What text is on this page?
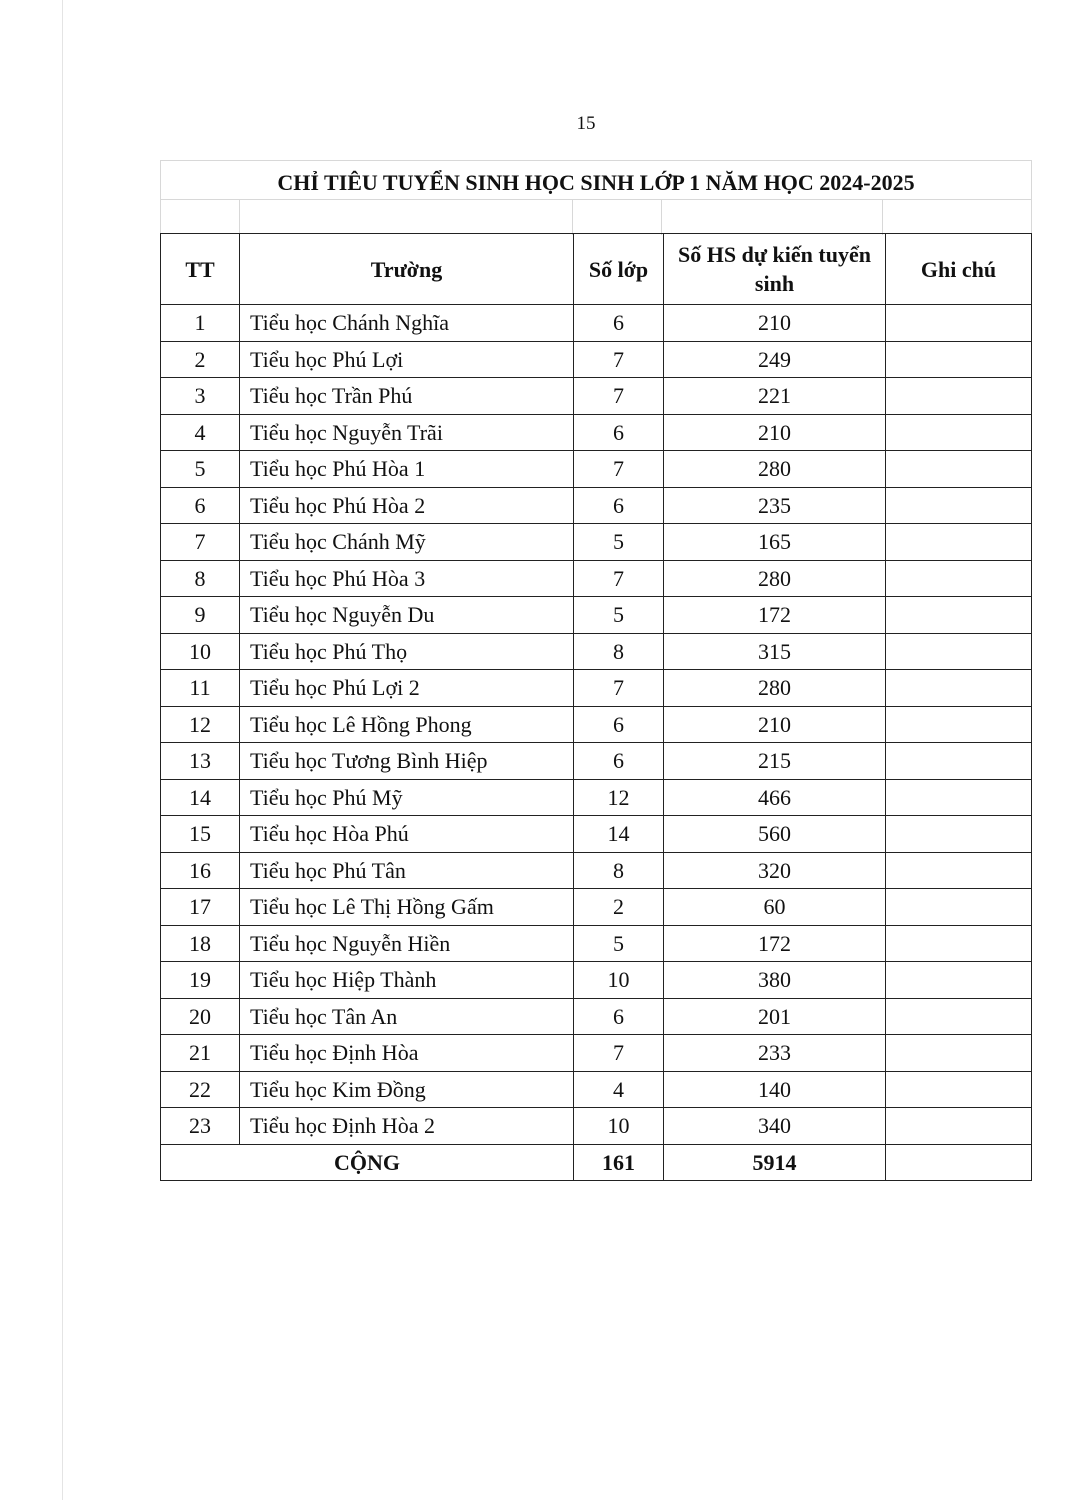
15
CHỈ TIÊU TUYỂN SINH HỌC SINH LỚP 1 NĂM HỌC 2024-2025
TT	Trường	Số lớp	Số HS dự kiến tuyển sinh	Ghi chú
1	Tiểu học Chánh Nghĩa	6	210	
2	Tiểu học Phú Lợi	7	249	
3	Tiểu học Trần Phú	7	221	
4	Tiểu học Nguyễn Trãi	6	210	
5	Tiểu học Phú Hòa 1	7	280	
6	Tiểu học Phú Hòa 2	6	235	
7	Tiểu học Chánh Mỹ	5	165	
8	Tiểu học Phú Hòa 3	7	280	
9	Tiểu học Nguyễn Du	5	172	
10	Tiểu học Phú Thọ	8	315	
11	Tiểu học Phú Lợi 2	7	280	
12	Tiểu học Lê Hồng Phong	6	210	
13	Tiểu học Tương Bình Hiệp	6	215	
14	Tiểu học Phú Mỹ	12	466	
15	Tiểu học Hòa Phú	14	560	
16	Tiểu học Phú Tân	8	320	
17	Tiểu học Lê Thị Hồng Gấm	2	60	
18	Tiểu học Nguyễn Hiền	5	172	
19	Tiểu học Hiệp Thành	10	380	
20	Tiểu học Tân An	6	201	
21	Tiểu học Định Hòa	7	233	
22	Tiểu học Kim Đồng	4	140	
23	Tiểu học Định Hòa 2	10	340	
CỘNG		161	5914	
